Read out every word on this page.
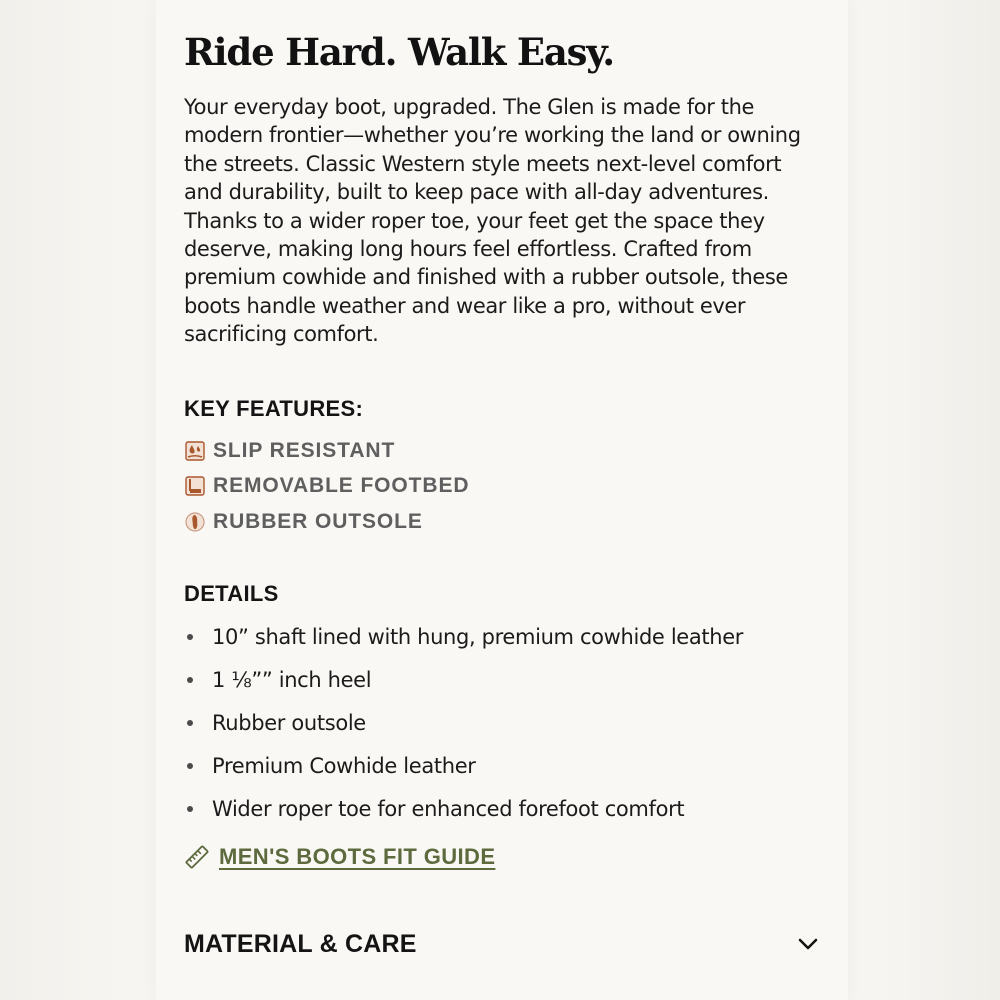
Ride Hard. Walk Easy.

Your everyday boot, upgraded. The Glen is made for the modern frontier—whether you’re working the land or owning the streets. Classic Western style meets next-level comfort and durability, built to keep pace with all-day adventures. Thanks to a wider roper toe, your feet get the space they deserve, making long hours feel effortless. Crafted from premium cowhide and finished with a rubber outsole, these boots handle weather and wear like a pro, without ever sacrificing comfort.

KEY FEATURES:
SLIP RESISTANT
REMOVABLE FOOTBED
RUBBER OUTSOLE
DETAILS
10” shaft lined with hung, premium cowhide leather
1 ⅛”” inch heel
Rubber outsole
Premium Cowhide leather
Wider roper toe for enhanced forefoot comfort
MEN'S BOOTS FIT GUIDE
MATERIAL & CARE
